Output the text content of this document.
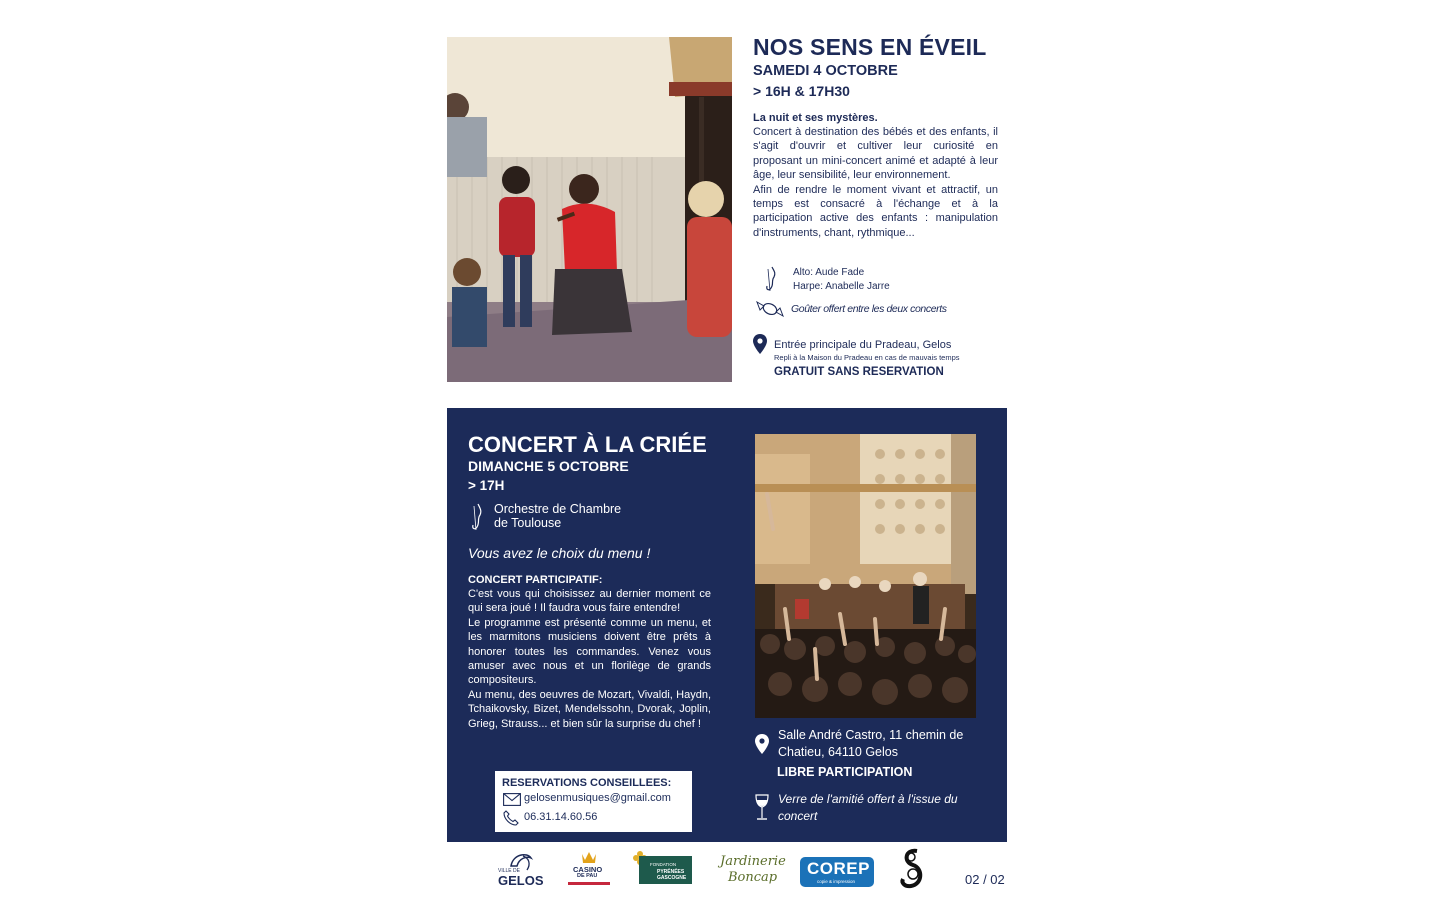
NOS SENS EN ÉVEIL
SAMEDI 4 OCTOBRE
> 16H & 17H30
La nuit et ses mystères.
Concert à destination des bébés et des enfants, il s'agit d'ouvrir et cultiver leur curiosité en proposant un mini-concert animé et adapté à leur âge, leur sensibilité, leur environnement.
Afin de rendre le moment vivant et attractif, un temps est consacré à l'échange et à la participation active des enfants : manipulation d'instruments, chant, rythmique...
Alto: Aude Fade
Harpe: Anabelle Jarre
Goûter offert entre les deux concerts
Entrée principale du Pradeau, Gelos
Repli à la Maison du Pradeau en cas de mauvais temps
GRATUIT SANS RESERVATION
CONCERT À LA CRIÉE
DIMANCHE 5 OCTOBRE
> 17H
Orchestre de Chambre
de Toulouse
Vous avez le choix du menu !
CONCERT PARTICIPATIF:
C'est vous qui choisissez au dernier moment ce qui sera joué ! Il faudra vous faire entendre!
Le programme est présenté comme un menu, et les marmitons musiciens doivent être prêts à honorer toutes les commandes. Venez vous amuser avec nous et un florilège de grands compositeurs.
Au menu, des oeuvres de Mozart, Vivaldi, Haydn, Tchaikovsky, Bizet, Mendelssohn, Dvorak, Joplin, Grieg, Strauss... et bien sûr la surprise du chef !
RESERVATIONS CONSEILLEES:
gelosenmusiques@gmail.com
06.31.14.60.56
Salle André Castro, 11 chemin de
Chatieu, 64110 Gelos
LIBRE PARTICIPATION
Verre de l'amitié offert à l'issue du
concert
VILLE DE
GELOS
CASINO
DE PAU
FONDATION
PYRÉNÉES
GASCOGNE
Jardinerie
Boncap COREP
copie & impression	02 / 02
